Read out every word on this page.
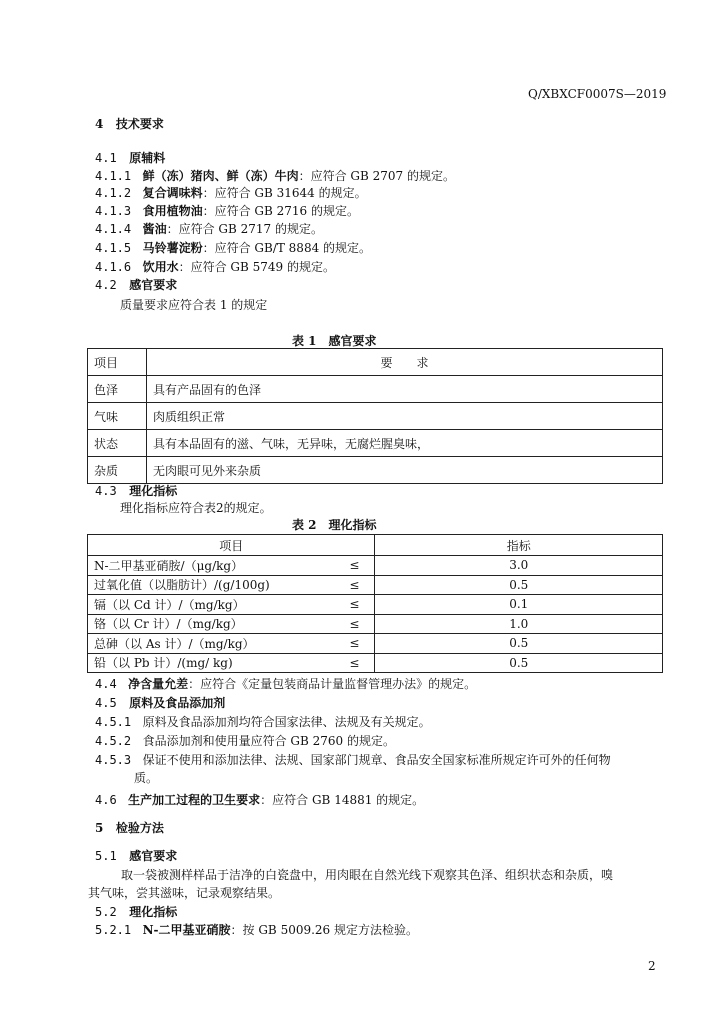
Q/XBXCF0007S—2019
4 技术要求
4.1 原辅料
4.1.1 鲜（冻）猪肉、鲜（冻）牛肉：应符合 GB 2707 的规定。
4.1.2 复合调味料：应符合 GB 31644 的规定。
4.1.3 食用植物油：应符合 GB 2716 的规定。
4.1.4 酱油：应符合 GB 2717 的规定。
4.1.5 马铃薯淀粉：应符合 GB/T 8884 的规定。
4.1.6 饮用水：应符合 GB 5749 的规定。
4.2 感官要求
质量要求应符合表 1 的规定
表 1　感官要求
项目	要　　求
色泽	具有产品固有的色泽
气味	肉质组织正常
状态	具有本品固有的滋、气味，无异味，无腐烂腥臭味，
杂质	无肉眼可见外来杂质
4.3 理化指标
理化指标应符合表2的规定。
表 2　理化指标
项目		指标
N-二甲基亚硝胺/（μg/kg）	≤	3.0
过氧化值（以脂肪计）/(g/100g)	≤	0.5
镉（以 Cd 计）/（mg/kg）	≤	0.1
铬（以 Cr 计）/（mg/kg）	≤	1.0
总砷（以 As 计）/（mg/kg）	≤	0.5
铅（以 Pb 计）/(mg/ kg)	≤	0.5
4.4 净含量允差：应符合《定量包装商品计量监督管理办法》的规定。
4.5 原料及食品添加剂
4.5.1 原料及食品添加剂均符合国家法律、法规及有关规定。
4.5.2 食品添加剂和使用量应符合 GB 2760 的规定。
4.5.3 保证不使用和添加法律、法规、国家部门规章、食品安全国家标准所规定许可外的任何物
质。
4.6 生产加工过程的卫生要求：应符合 GB 14881 的规定。
5 检验方法
5.1 感官要求
取一袋被测样样品于洁净的白瓷盘中，用肉眼在自然光线下观察其色泽、组织状态和杂质，嗅
其气味，尝其滋味，记录观察结果。
5.2 理化指标
5.2.1 N-二甲基亚硝胺：按 GB 5009.26 规定方法检验。
2
